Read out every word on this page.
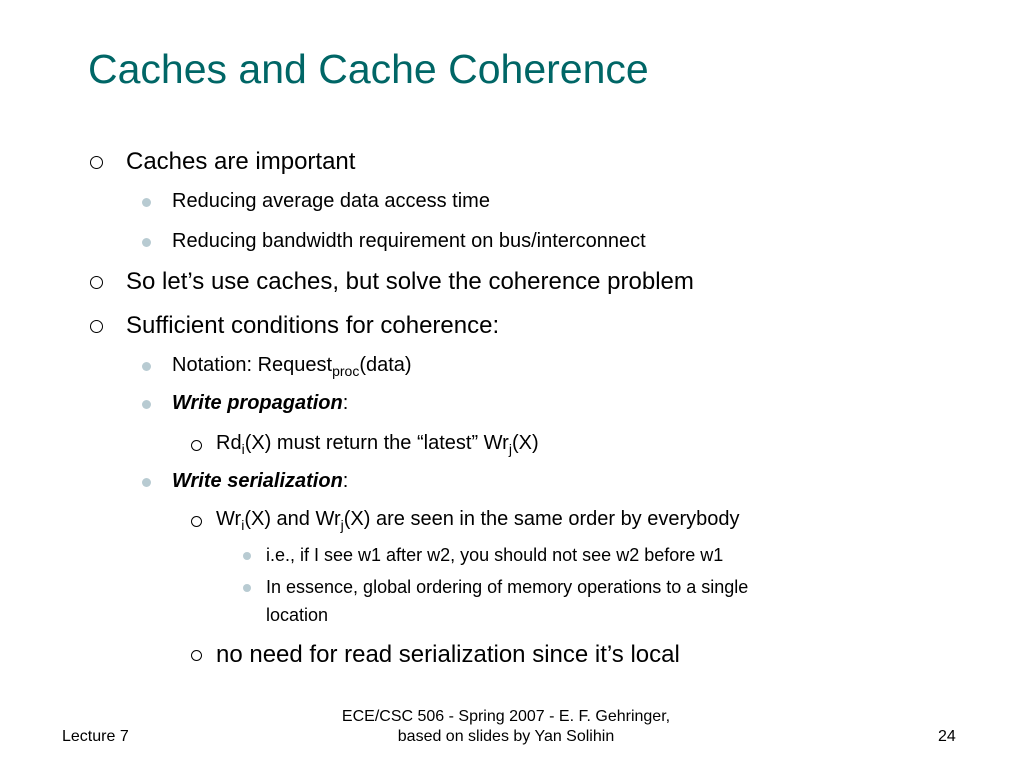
Caches and Cache Coherence
Caches are important
Reducing average data access time
Reducing bandwidth requirement on bus/interconnect
So let’s use caches, but solve the coherence problem
Sufficient conditions for coherence:
Notation: Request$_{proc}$(data)
Write propagation:
$Rd_i(X)$ must return the “latest” $Wr_j(X)$
Write serialization:
$Wr_i(X)$ and $Wr_j(X)$ are seen in the same order by everybody
i.e., if I see w1 after w2, you should not see w2 before w1
In essence, global ordering of memory operations to a single
location
no need for read serialization since it’s local
Lecture 7
ECE/CSC 506 - Spring 2007 - E. F. Gehringer, based on slides by Yan Solihin	24
